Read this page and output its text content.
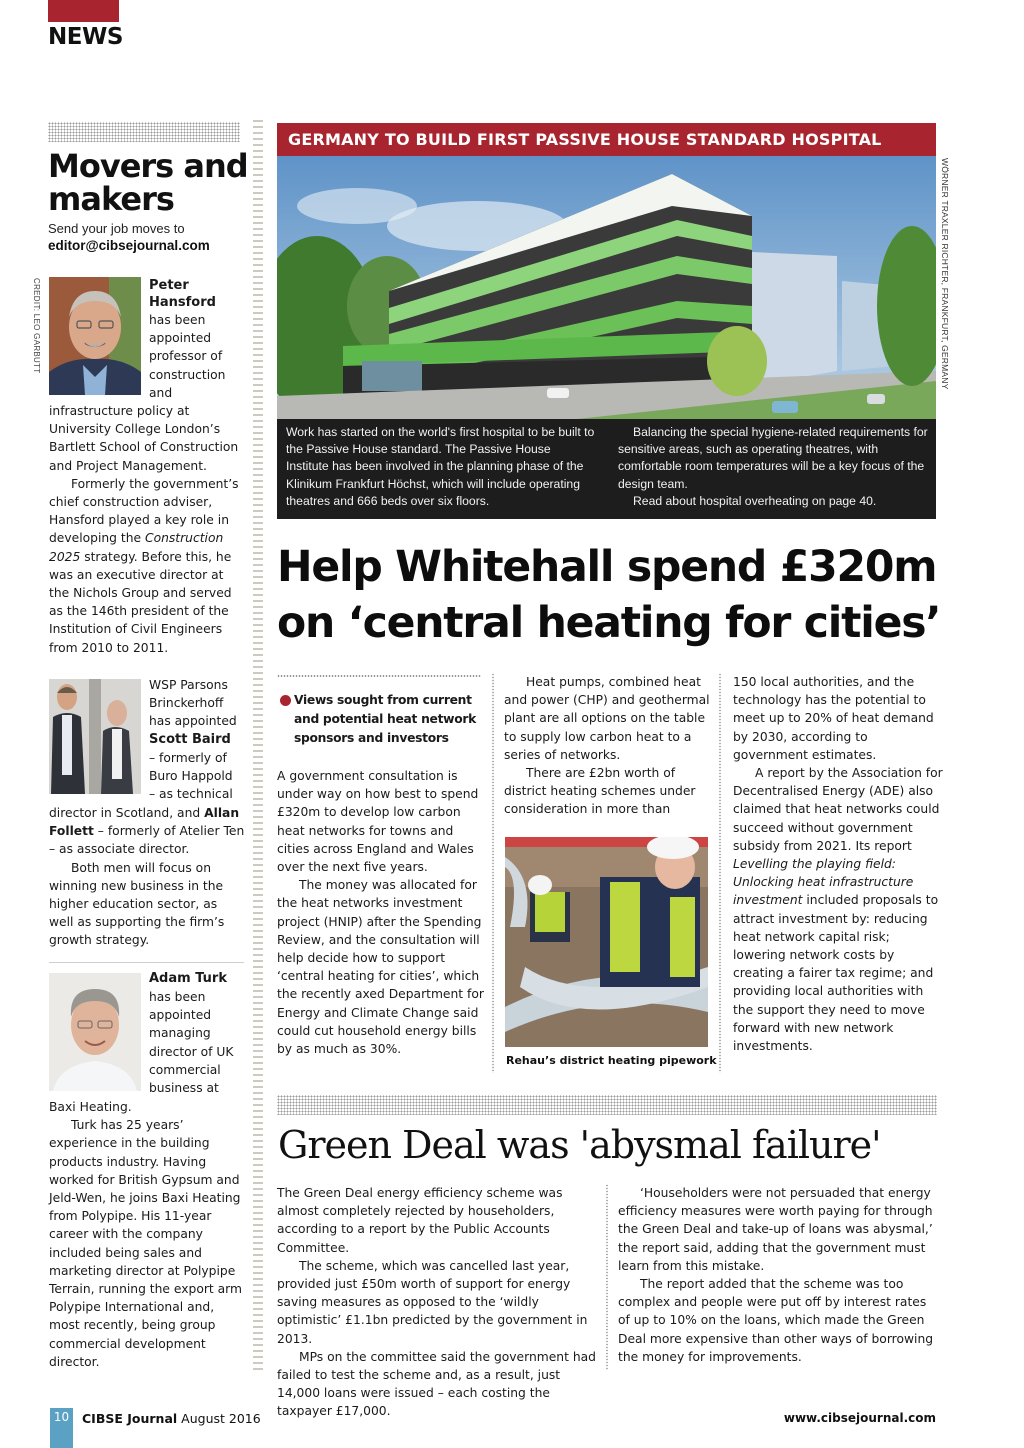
NEWS
Movers and makers
Send your job moves to
editor@cibsejournal.com
CREDIT: LEO GARBUTT	Peter Hansford
has been
appointed
professor of
construction
and

infrastructure policy at University College London’s Bartlett School of Construction and Project Management.

Formerly the government’s chief construction adviser, Hansford played a key role in developing the Construction 2025 strategy. Before this, he was an executive director at the Nichols Group and served as the 146th president of the Institution of Civil Engineers from 2010 to 2011.

WSP Parsons
Brinckerhoff
has appointed
Scott Baird
– formerly of
Buro Happold
– as technical

director in Scotland, and Allan Follett – formerly of Atelier Ten – as associate director.

Both men will focus on winning new business in the higher education sector, as well as supporting the firm’s growth strategy.

Adam Turk
has been
appointed
managing
director of UK
commercial
business at

Baxi Heating.

Turk has 25 years’ experience in the building products industry. Having worked for British Gypsum and Jeld-Wen, he joins Baxi Heating from Polypipe. His 11-year career with the company included being sales and marketing director at Polypipe Terrain, running the export arm Polypipe International and, most recently, being group commercial development director.

GERMANY TO BUILD FIRST PASSIVE HOUSE STANDARD HOSPITAL
WÖRNER TRAXLER RICHTER, FRANKFURT, GERMANY

Work has started on the world's first hospital to be built to the Passive House standard. The Passive House Institute has been involved in the planning phase of the Klinikum Frankfurt Höchst, which will include operating theatres and 666 beds over six floors.

Balancing the special hygiene-related requirements for sensitive areas, such as operating theatres, with comfortable room temperatures will be a key focus of the design team.

Read about hospital overheating on page 40.

Help Whitehall spend £320m
on ‘central heating for cities’
Views sought from current and potential heat network sponsors and investors

A government consultation is under way on how best to spend £320m to develop low carbon heat networks for towns and cities across England and Wales over the next five years.

The money was allocated for the heat networks investment project (HNIP) after the Spending Review, and the consultation will help decide how to support ‘central heating for cities’, which the recently axed Department for Energy and Climate Change said could cut household energy bills by as much as 30%.

Heat pumps, combined heat and power (CHP) and geothermal plant are all options on the table to supply low carbon heat to a series of networks.

There are £2bn worth of district heating schemes under consideration in more than

Rehau’s district heating pipework

150 local authorities, and the technology has the potential to meet up to 20% of heat demand by 2030, according to government estimates.

A report by the Association for Decentralised Energy (ADE) also claimed that heat networks could succeed without government subsidy from 2021. Its report Levelling the playing field: Unlocking heat infrastructure investment included proposals to attract investment by: reducing heat network capital risk; lowering network costs by creating a fairer tax regime; and providing local authorities with the support they need to move forward with new network investments.

Green Deal was 'abysmal failure'

The Green Deal energy efficiency scheme was almost completely rejected by householders, according to a report by the Public Accounts Committee.

The scheme, which was cancelled last year, provided just £50m worth of support for energy saving measures as opposed to the ‘wildly optimistic’ £1.1bn predicted by the government in 2013.

MPs on the committee said the government had failed to test the scheme and, as a result, just 14,000 loans were issued – each costing the taxpayer £17,000.

‘Householders were not persuaded that energy efficiency measures were worth paying for through the Green Deal and take-up of loans was abysmal,’ the report said, adding that the government must learn from this mistake.

The report added that the scheme was too complex and people were put off by interest rates of up to 10% on the loans, which made the Green Deal more expensive than other ways of borrowing the money for improvements.

10	CIBSE Journal August 2016	www.cibsejournal.com
